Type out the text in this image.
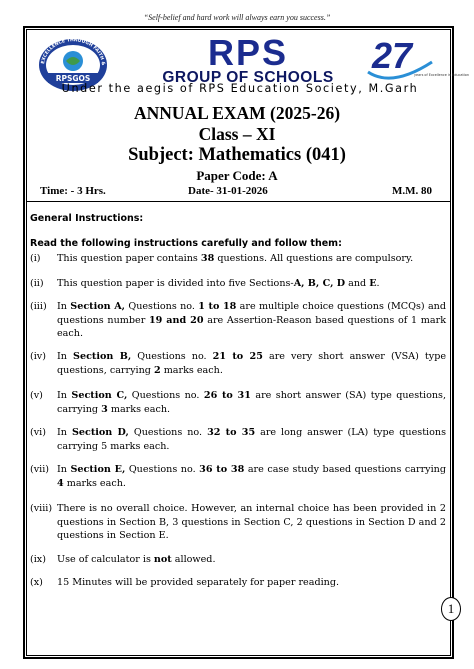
“Self-belief and hard work will always earn you success.”
EXCELLENCE THROUGH FAITH &
RPSGOS
RPS
GROUP OF SCHOOLS
27 years of Excellence in Education
Under the aegis of RPS Education Society, M.Garh
ANNUAL EXAM (2025-26)
Class – XI
Subject: Mathematics (041)
Paper Code: A
Time: - 3 Hrs.	Date- 31-01-2026	M.M. 80
General Instructions:
Read the following instructions carefully and follow them:
(i)	This question paper contains 38 questions. All questions are compulsory.
(ii)	This question paper is divided into five Sections-A, B, C, D and E.
(iii)	In Section A, Questions no. 1 to 18 are multiple choice questions (MCQs) and questions number 19 and 20 are Assertion-Reason based questions of 1 mark each.
(iv)	In Section B, Questions no. 21 to 25 are very short answer (VSA) type questions, carrying 2 marks each.
(v)	In Section C, Questions no. 26 to 31 are short answer (SA) type questions, carrying 3 marks each.
(vi)	In Section D, Questions no. 32 to 35 are long answer (LA) type questions carrying 5 marks each.
(vii) In Section E, Questions no. 36 to 38 are case study based questions carrying 4 marks each.
(viii) There is no overall choice. However, an internal choice has been provided in 2 questions in Section B, 3 questions in Section C, 2 questions in Section D and 2 questions in Section E.
(ix)	Use of calculator is not allowed.
(x)	15 Minutes will be provided separately for paper reading.
1
